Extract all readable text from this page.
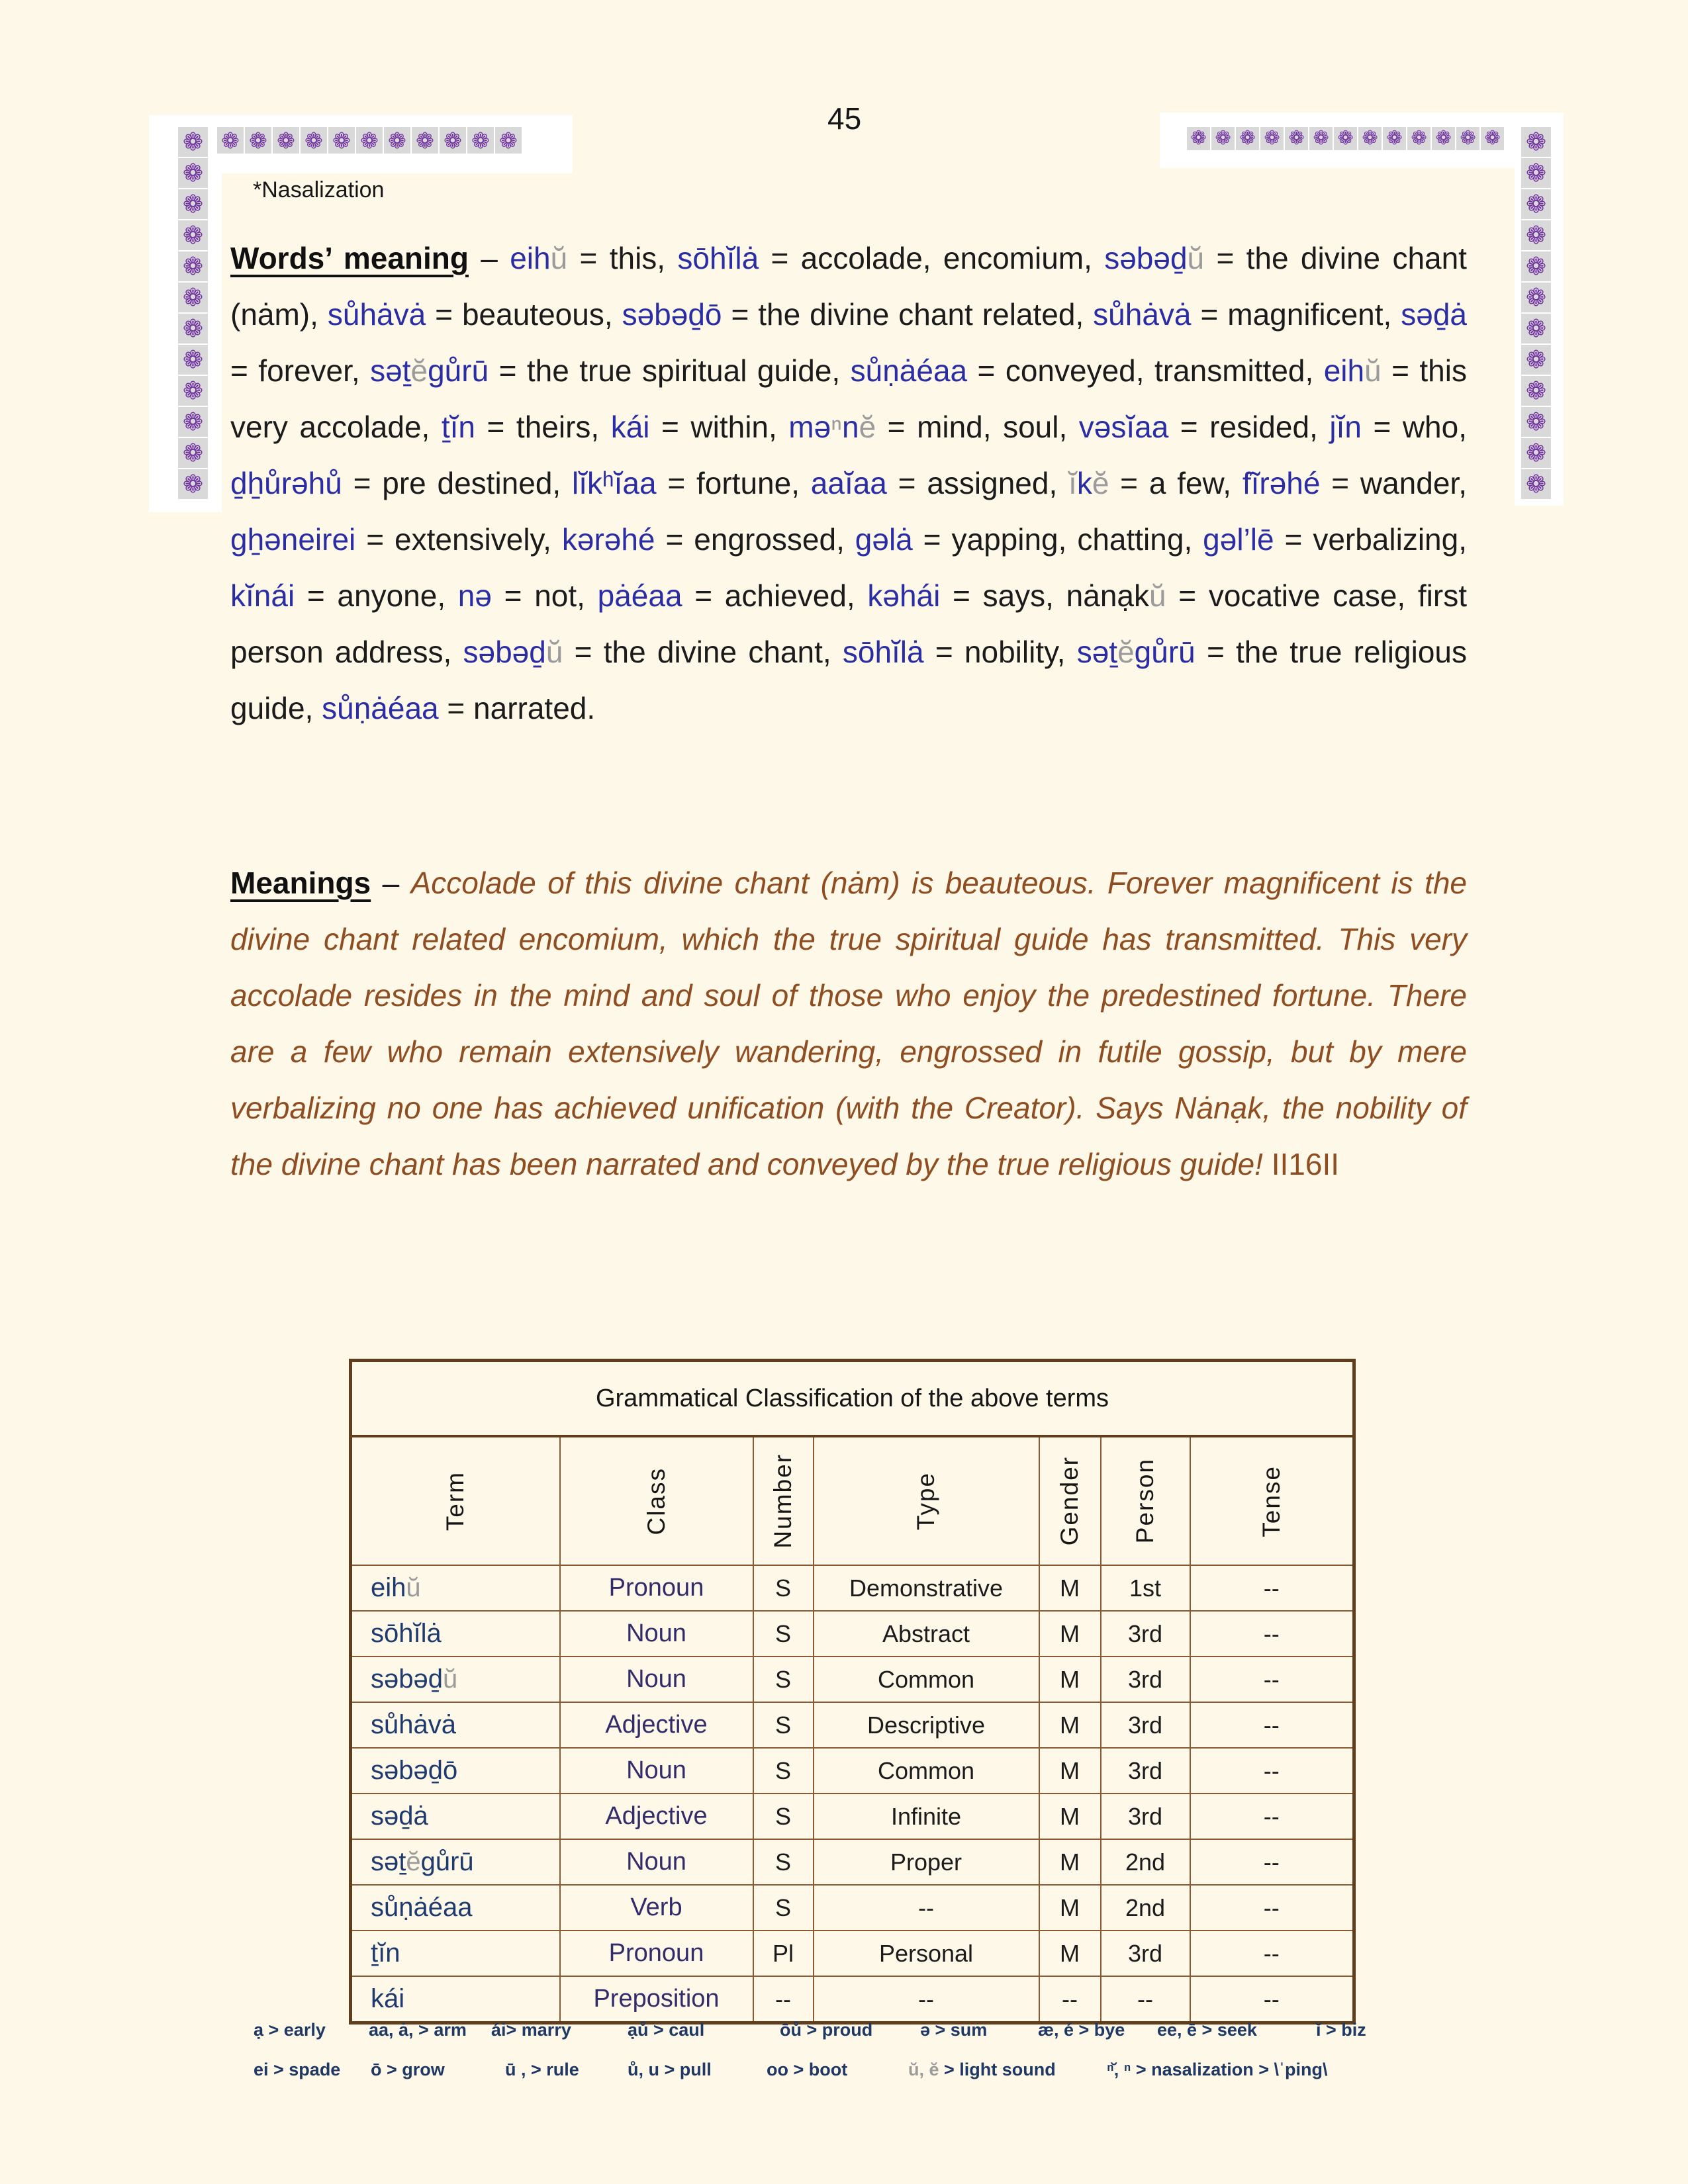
❁ ❁ ❁ ❁ ❁ ❁ ❁ ❁ ❁ ❁ ❁
❁
❁
❁
❁
❁
❁
❁
❁
❁
❁
❁
❁
❁ ❁ ❁ ❁ ❁ ❁ ❁ ❁ ❁ ❁ ❁ ❁ ❁ ❁
❁
❁
❁
❁
❁
❁
❁
❁
❁
❁
❁
45
*Nasalization
Words’ meaning – eihŭ = this, sōhĭlȧ = accolade, encomium, səbəḏŭ = the divine chant (nȧm), sůhȧvȧ = beauteous, səbəḏō = the divine chant related, sůhȧvȧ = magnificent, səḏȧ = forever, səṯĕgůrū = the true spiritual guide, sůṇȧéaa = conveyed, transmitted, eihŭ = this very accolade, ṯĭn = theirs, kái = within, məⁿnĕ = mind, soul, vəsĭaa = resided, jĭn = who, ḏẖůrəhů = pre destined, lĭkʰĭaa = fortune, aaĭaa = assigned, ĭkĕ = a few, fĩrəhé = wander, gẖəneirei = extensively, kərəhé = engrossed, gəlȧ = yapping, chatting, gəl’lē = verbalizing, kĭnái = anyone, nə = not, pȧéaa = achieved, kəhái = says, nȧnạkŭ = vocative case, first person address, səbəḏŭ = the divine chant, sōhĭlȧ = nobility, səṯĕgůrū = the true religious guide, sůṇȧéaa = narrated.
Meanings – Accolade of this divine chant (nȧm) is beauteous. Forever magnificent is the divine chant related encomium, which the true spiritual guide has transmitted. This very accolade resides in the mind and soul of those who enjoy the predestined fortune. There are a few who remain extensively wandering, engrossed in futile gossip, but by mere verbalizing no one has achieved unification (with the Creator). Says Nȧnạk, the nobility of the divine chant has been narrated and conveyed by the true religious guide! II16II
Grammatical Classification of the above terms						

Term	Class	Number	Type	Gender	Person	Tense

eihŭ	Pronoun	S	Demonstrative	M	1st	--
sōhĭlȧ	Noun	S	Abstract	M	3rd	--
səbəḏŭ	Noun	S	Common	M	3rd	--
sůhȧvȧ	Adjective	S	Descriptive	M	3rd	--
səbəḏō	Noun	S	Common	M	3rd	--
səḏȧ	Adjective	S	Infinite	M	3rd	--
səṯĕgůrū	Noun	S	Proper	M	2nd	--
sůṇȧéaa	Verb	S	--	M	2nd	--
ṯĭn	Pronoun	Pl	Personal	M	3rd	--
kái	Preposition	--	--	--	--	--
ạ > early aa, ȧ, > arm ái> marry	ạů > caul	ōů > proud	ə > sum	æ, é > bye ee, ē > seek	ĭ > biz
ei > spade ō > grow	ū , > rule	ů, u > pull	oo > boot	ŭ, ĕ > light sound	ⁿ̆, ⁿ > nasalization > \ˈping\
